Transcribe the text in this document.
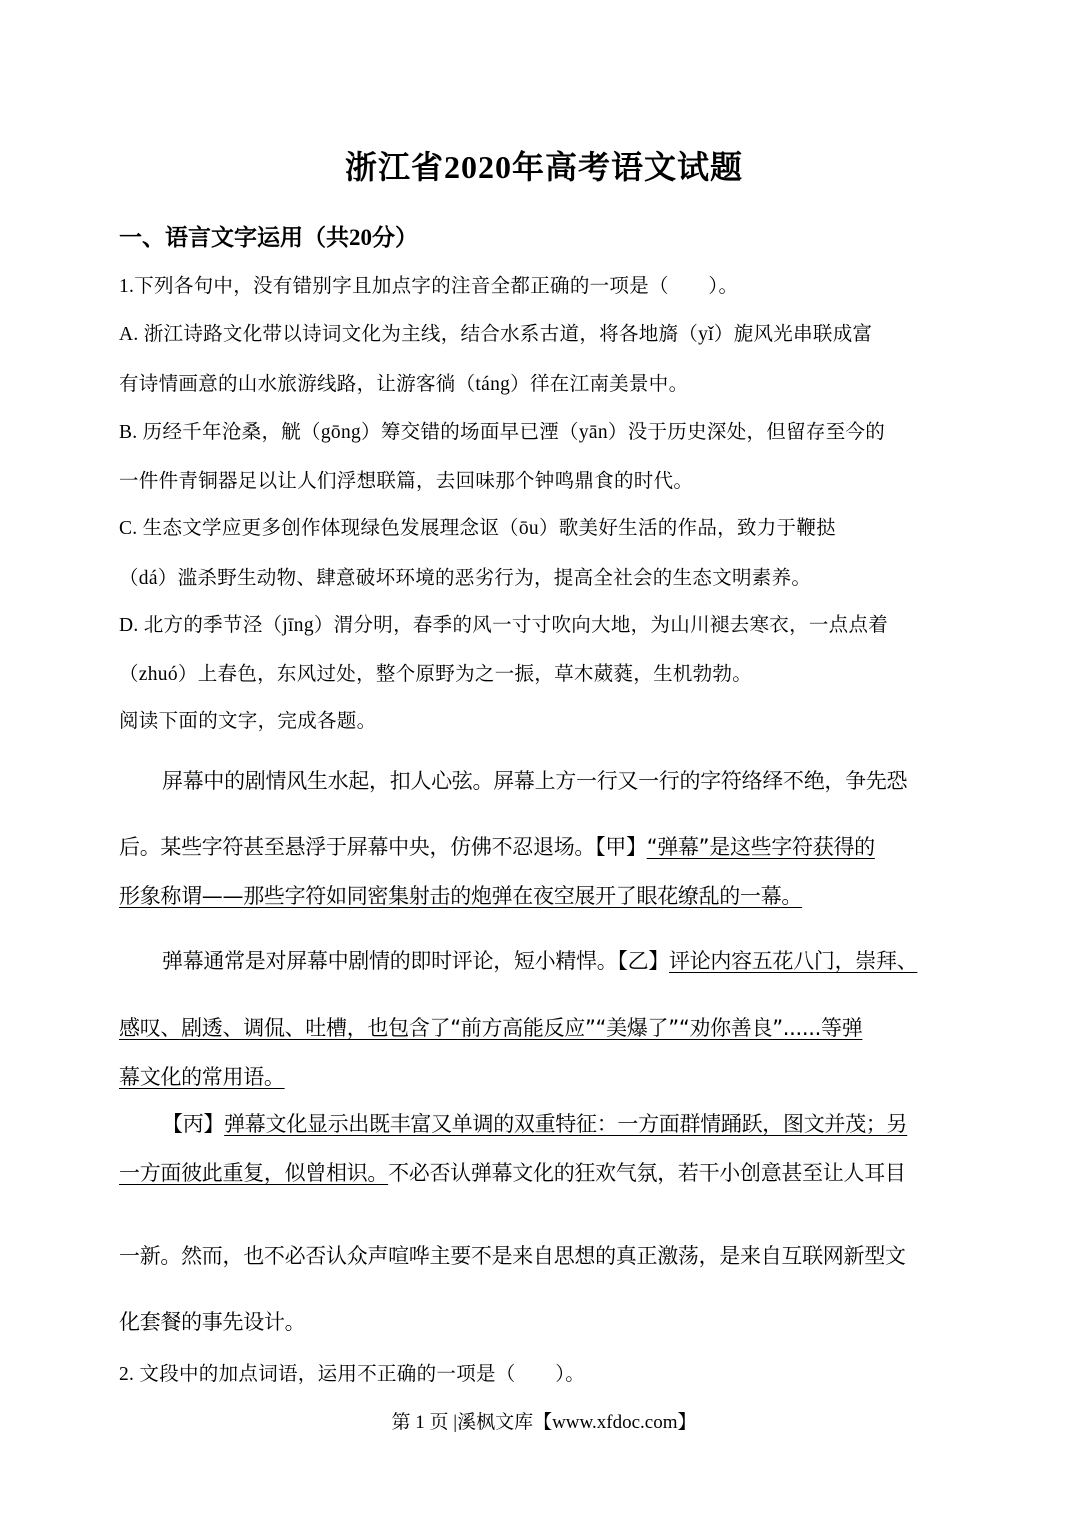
浙江省2020年高考语文试题
一、语言文字运用（共20分）
1.下列各句中，没有错别字且加点字的注音全都正确的一项是（　　）。
A. 浙江诗路文化带以诗词文化为主线，结合水系古道，将各地旖（yǐ）旎风光串联成富
有诗情画意的山水旅游线路，让游客徜（táng）徉在江南美景中。
B. 历经千年沧桑，觥（gōng）筹交错的场面早已湮（yān）没于历史深处，但留存至今的
一件件青铜器足以让人们浮想联篇，去回味那个钟鸣鼎食的时代。
C. 生态文学应更多创作体现绿色发展理念讴（ōu）歌美好生活的作品，致力于鞭挞
（dá）滥杀野生动物、肆意破坏环境的恶劣行为，提高全社会的生态文明素养。
D. 北方的季节泾（jīng）渭分明，春季的风一寸寸吹向大地，为山川褪去寒衣，一点点着
（zhuó）上春色，东风过处，整个原野为之一振，草木葳蕤，生机勃勃。
阅读下面的文字，完成各题。
屏幕中的剧情风生水起，扣人心弦。屏幕上方一行又一行的字符络绎不绝，争先恐
后。某些字符甚至悬浮于屏幕中央，仿佛不忍退场。【甲】“弹幕”是这些字符获得的
形象称谓——那些字符如同密集射击的炮弹在夜空展开了眼花缭乱的一幕。
弹幕通常是对屏幕中剧情的即时评论，短小精悍。【乙】评论内容五花八门，崇拜、
感叹、剧透、调侃、吐槽，也包含了“前方高能反应”“美爆了”“劝你善良”......等弹
幕文化的常用语。
【丙】弹幕文化显示出既丰富又单调的双重特征：一方面群情踊跃，图文并茂；另
一方面彼此重复，似曾相识。不必否认弹幕文化的狂欢气氛，若干小创意甚至让人耳目
一新。然而，也不必否认众声喧哗主要不是来自思想的真正激荡，是来自互联网新型文
化套餐的事先设计。
2. 文段中的加点词语，运用不正确的一项是（　　）。
第 1 页 |溪枫文库【www.xfdoc.com】
